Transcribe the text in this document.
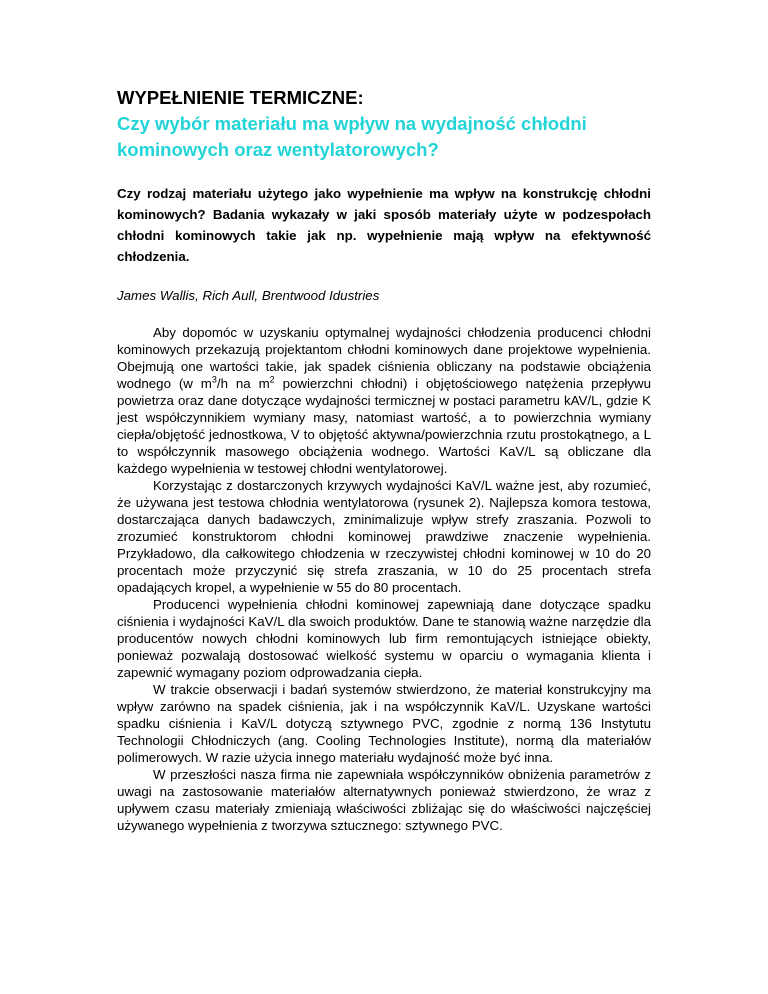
WYPEŁNIENIE TERMICZNE:
Czy wybór materiału ma wpływ na wydajność chłodni kominowych oraz wentylatorowych?

Czy rodzaj materiału użytego jako wypełnienie ma wpływ na konstrukcję chłodni kominowych? Badania wykazały w jaki sposób materiały użyte w podzespołach chłodni kominowych takie jak np. wypełnienie mają wpływ na efektywność chłodzenia.

James Wallis, Rich Aull, Brentwood Idustries

Aby dopomóc w uzyskaniu optymalnej wydajności chłodzenia producenci chłodni kominowych przekazują projektantom chłodni kominowych dane projektowe wypełnienia. Obejmują one wartości takie, jak spadek ciśnienia obliczany na podstawie obciążenia wodnego (w $m^3/h$ na $m^2$ powierzchni chłodni) i objętościowego natężenia przepływu powietrza oraz dane dotyczące wydajności termicznej w postaci parametru kAV/L, gdzie K jest współczynnikiem wymiany masy, natomiast wartość, a to powierzchnia wymiany ciepła/objętość jednostkowa, V to objętość aktywna/powierzchnia rzutu prostokątnego, a L to współczynnik masowego obciążenia wodnego. Wartości KaV/L są obliczane dla każdego wypełnienia w testowej chłodni wentylatorowej.

Korzystając z dostarczonych krzywych wydajności KaV/L ważne jest, aby rozumieć, że używana jest testowa chłodnia wentylatorowa (rysunek 2). Najlepsza komora testowa, dostarczająca danych badawczych, zminimalizuje wpływ strefy zraszania. Pozwoli to zrozumieć konstruktorom chłodni kominowej prawdziwe znaczenie wypełnienia. Przykładowo, dla całkowitego chłodzenia w rzeczywistej chłodni kominowej w 10 do 20 procentach może przyczynić się strefa zraszania, w 10 do 25 procentach strefa opadających kropel, a wypełnienie w 55 do 80 procentach.

Producenci wypełnienia chłodni kominowej zapewniają dane dotyczące spadku ciśnienia i wydajności KaV/L dla swoich produktów. Dane te stanowią ważne narzędzie dla producentów nowych chłodni kominowych lub firm remontujących istniejące obiekty, ponieważ pozwalają dostosować wielkość systemu w oparciu o wymagania klienta i zapewnić wymagany poziom odprowadzania ciepła.

W trakcie obserwacji i badań systemów stwierdzono, że materiał konstrukcyjny ma wpływ zarówno na spadek ciśnienia, jak i na współczynnik KaV/L. Uzyskane wartości spadku ciśnienia i KaV/L dotyczą sztywnego PVC, zgodnie z normą 136 Instytutu Technologii Chłodniczych (ang. Cooling Technologies Institute), normą dla materiałów polimerowych. W razie użycia innego materiału wydajność może być inna.

W przeszłości nasza firma nie zapewniała współczynników obniżenia parametrów z uwagi na zastosowanie materiałów alternatywnych ponieważ stwierdzono, że wraz z upływem czasu materiały zmieniają właściwości zbliżając się do właściwości najczęściej używanego wypełnienia z tworzywa sztucznego: sztywnego PVC.
